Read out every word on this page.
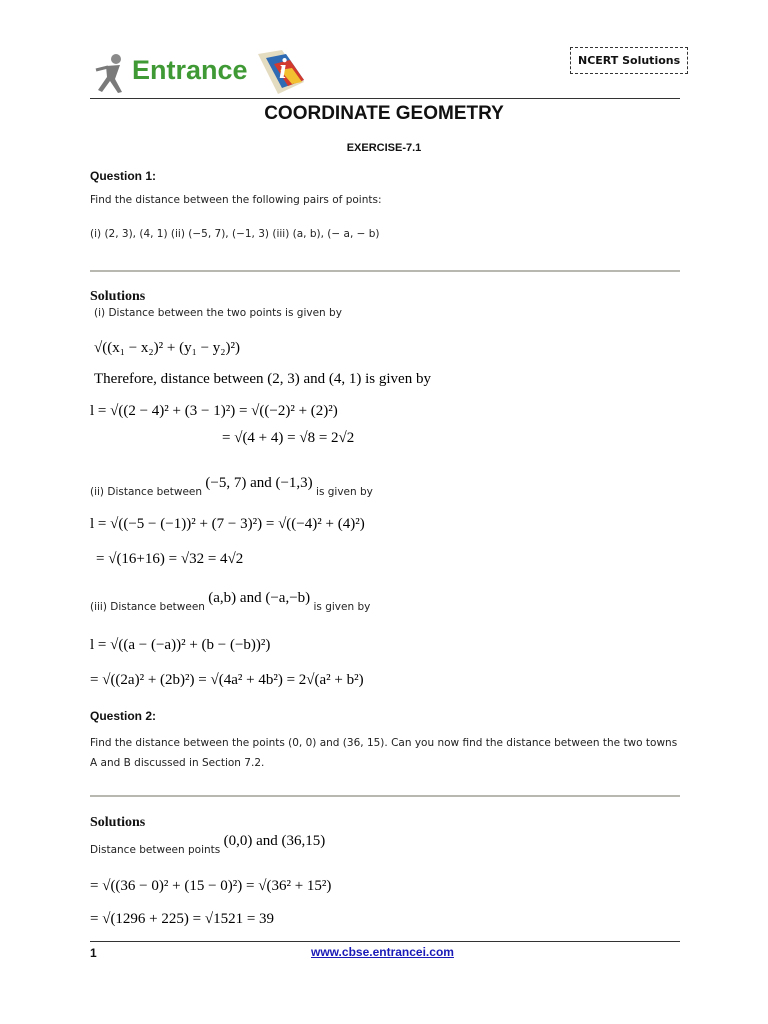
Entrance i	NCERT Solutions
COORDINATE GEOMETRY
EXERCISE-7.1
Question 1:
Find the distance between the following pairs of points:
(i) (2, 3), (4, 1) (ii) (−5, 7), (−1, 3) (iii) (a, b), (− a, − b)
Solutions
(i) Distance between the two points is given by
√((x₁ − x₂)² + (y₁ − y₂)²)
Therefore, distance between (2, 3) and (4, 1) is given by
l = √((2 − 4)² + (3 − 1)²) = √((−2)² + (2)²)
= √(4 + 4) = √8 = 2√2
(ii) Distance between (−5, 7) and (−1,3) is given by
l = √((−5 − (−1))² + (7 − 3)²) = √((−4)² + (4)²)
= √(16+16) = √32 = 4√2
(iii) Distance between (a,b) and (−a,−b) is given by
l = √((a − (−a))² + (b − (−b))²)
= √((2a)² + (2b)²) = √(4a² + 4b²) = 2√(a² + b²)
Question 2:
Find the distance between the points (0, 0) and (36, 15). Can you now find the distance between the two towns A and B discussed in Section 7.2.
Solutions
Distance between points (0,0) and (36,15)
= √((36 − 0)² + (15 − 0)²) = √(36² + 15²)
= √(1296 + 225) = √1521 = 39
1	www.cbse.entrancei.com
